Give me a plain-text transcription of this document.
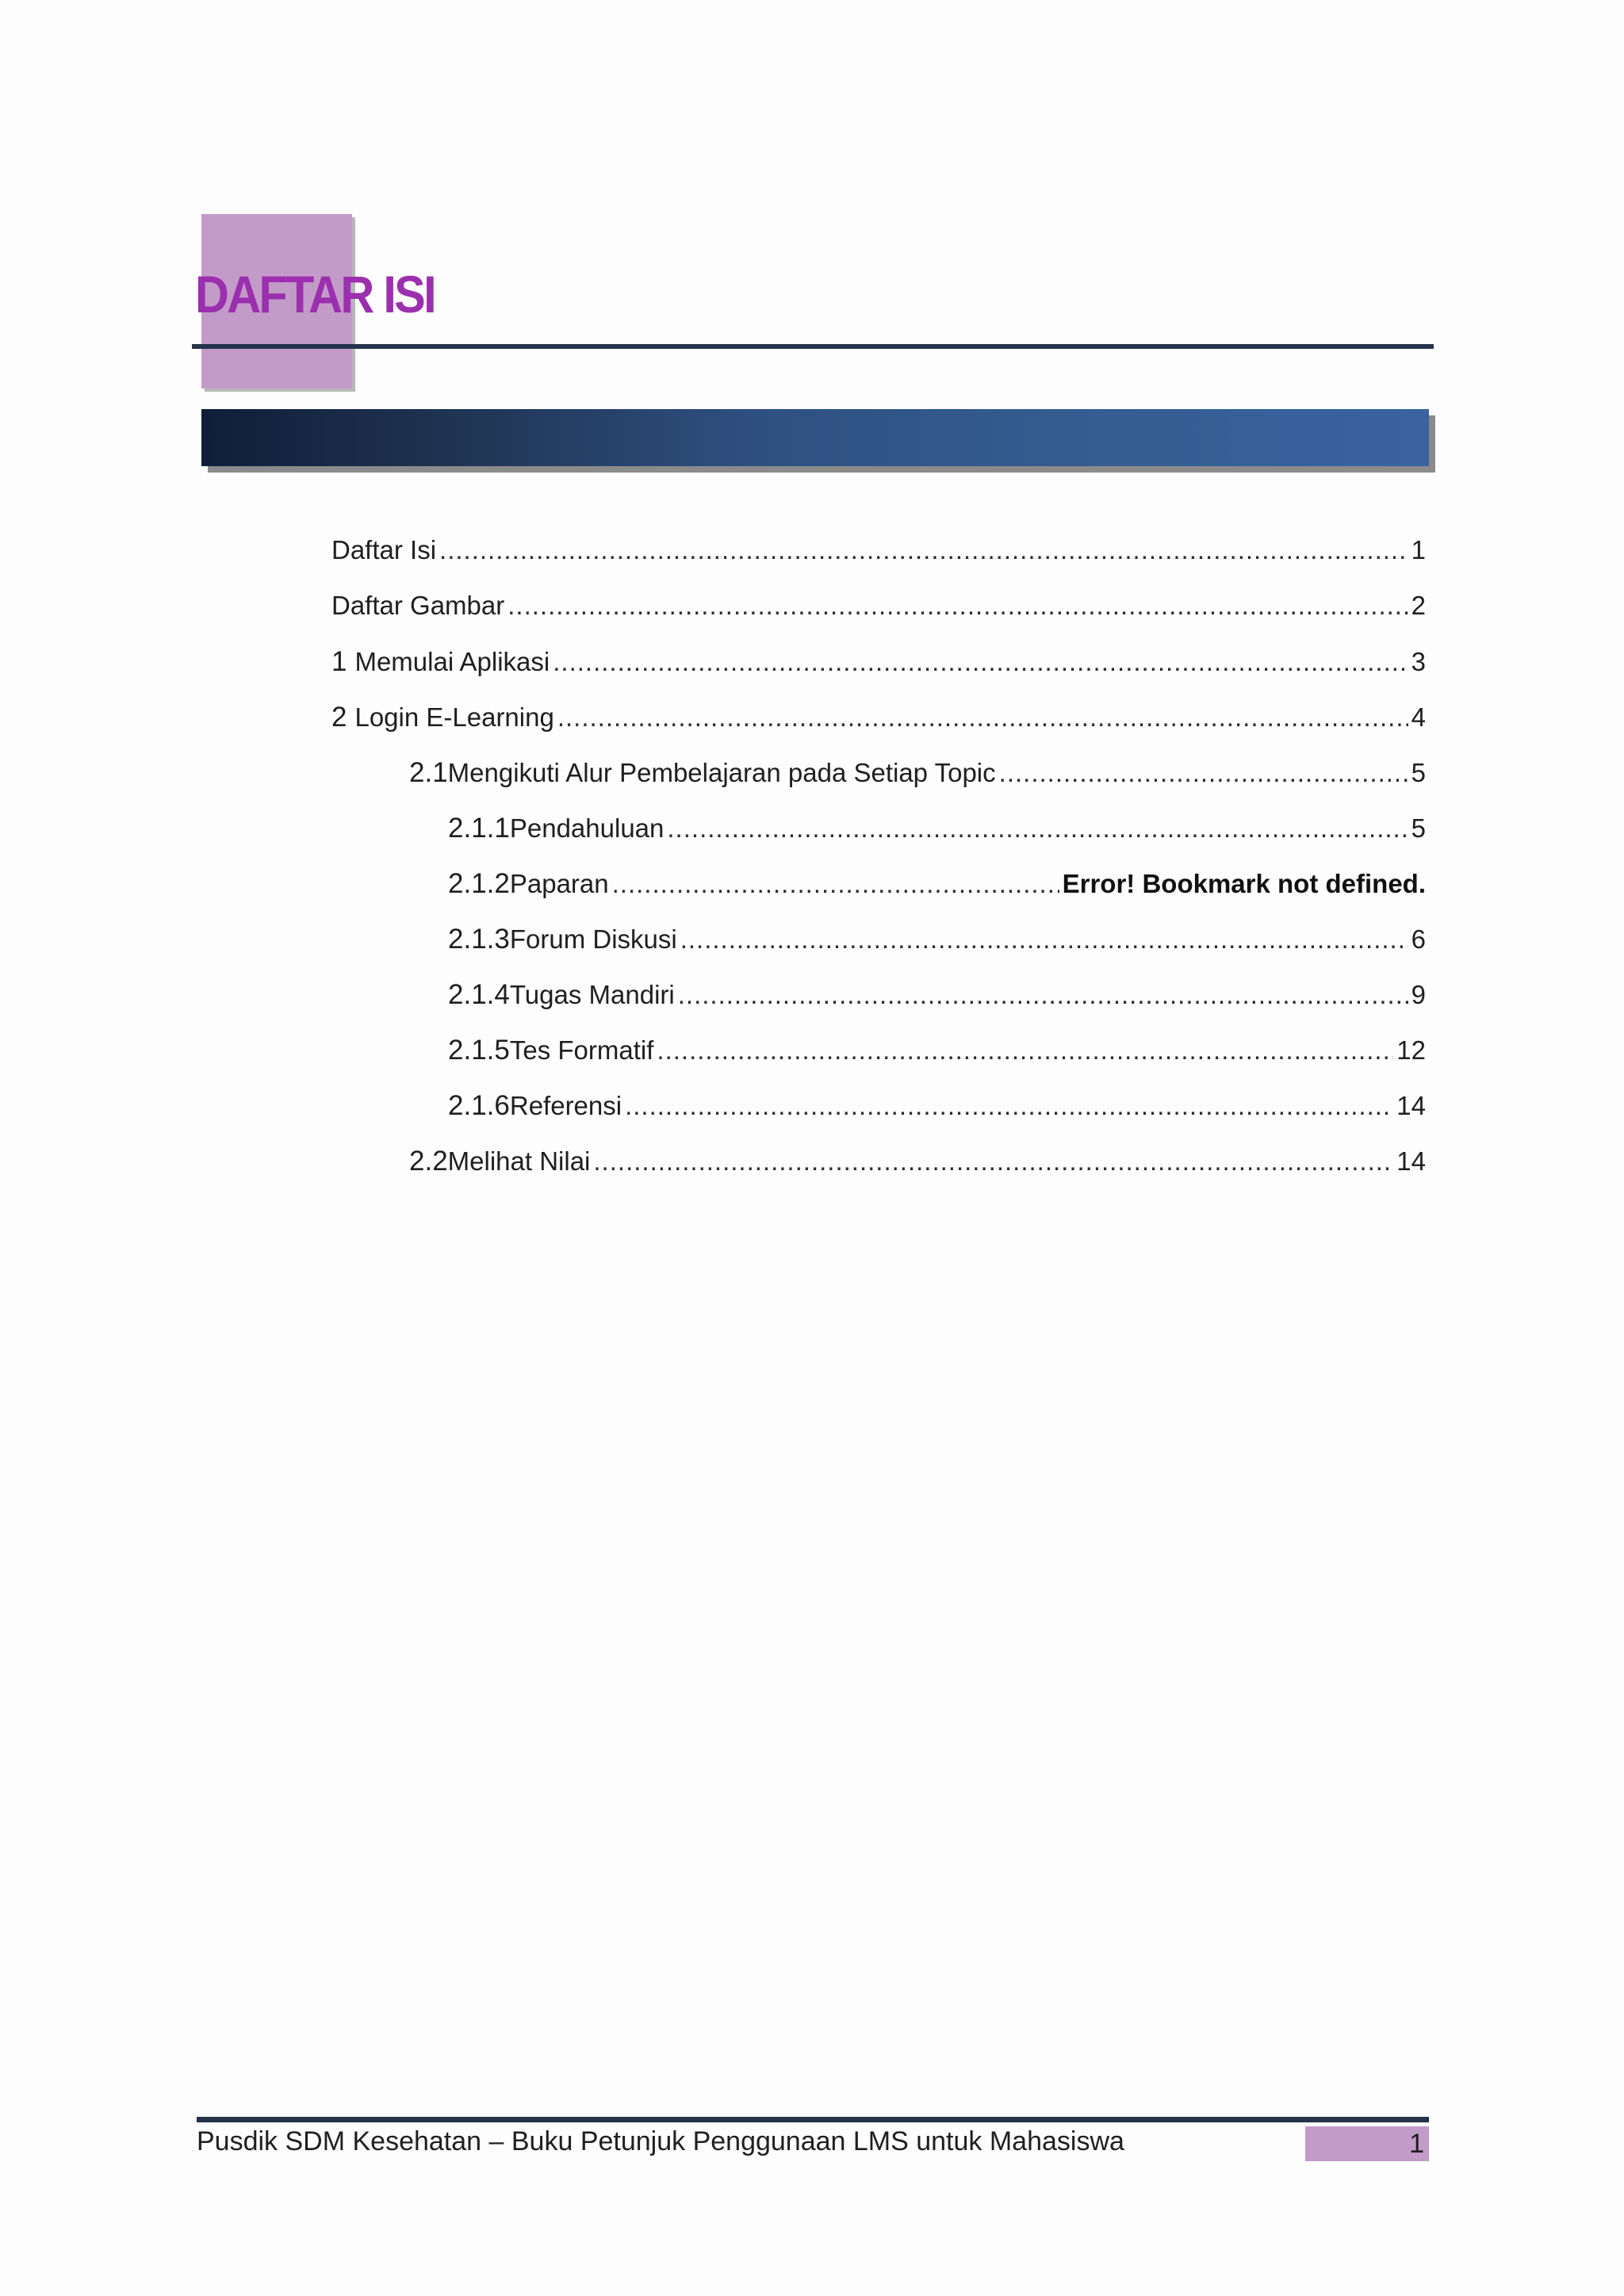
DAFTAR ISI
Daftar Isi .....	1
Daftar Gambar .....	2
1 Memulai Aplikasi .....	3
2 Login E-Learning .....	4
2.1 Mengikuti Alur Pembelajaran pada Setiap Topic .....	5
2.1.1 Pendahuluan .....	5
2.1.2 Paparan .....	Error! Bookmark not defined.
2.1.3 Forum Diskusi .....	6
2.1.4 Tugas Mandiri .....	9
2.1.5 Tes Formatif .....	12
2.1.6 Referensi .....	14
2.2 Melihat Nilai .....	14
Pusdik SDM Kesehatan – Buku Petunjuk Penggunaan LMS untuk Mahasiswa	1
